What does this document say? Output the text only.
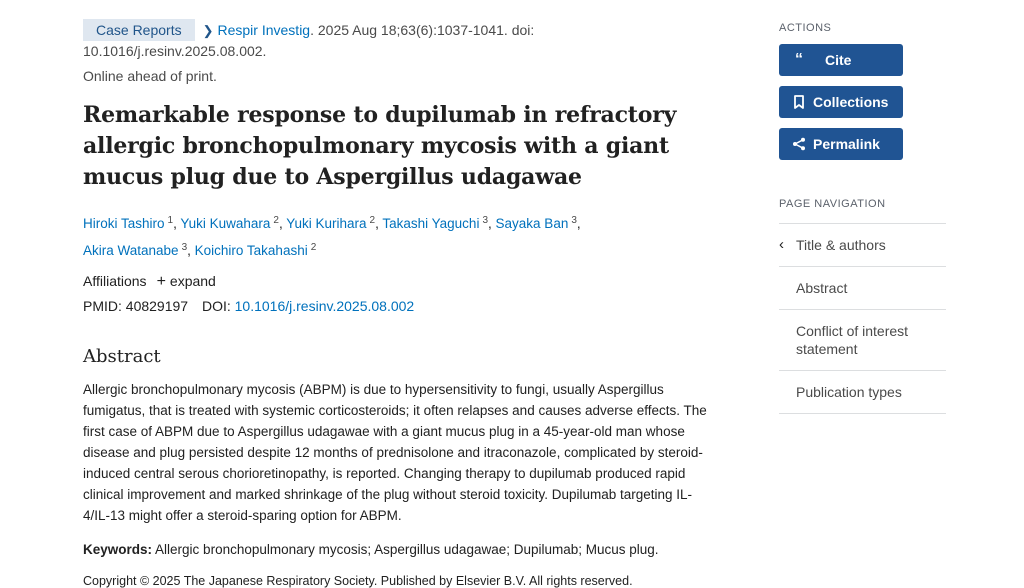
Case Reports ❯ Respir Investig. 2025 Aug 18;63(6):1037-1041. doi: 10.1016/j.resinv.2025.08.002.
Online ahead of print.
Remarkable response to dupilumab in refractory allergic bronchopulmonary mycosis with a giant mucus plug due to Aspergillus udagawae
Hiroki Tashiro $^1$, Yuki Kuwahara $^2$, Yuki Kurihara $^2$, Takashi Yaguchi $^3$, Sayaka Ban $^3$,
Akira Watanabe $^3$, Koichiro Takahashi $^2$
Affiliations + expand
PMID: 40829197 DOI: 10.1016/j.resinv.2025.08.002
Abstract
Allergic bronchopulmonary mycosis (ABPM) is due to hypersensitivity to fungi, usually Aspergillus fumigatus, that is treated with systemic corticosteroids; it often relapses and causes adverse effects. The first case of ABPM due to Aspergillus udagawae with a giant mucus plug in a 45-year-old man whose disease and plug persisted despite 12 months of prednisolone and itraconazole, complicated by steroid-induced central serous chorioretinopathy, is reported. Changing therapy to dupilumab produced rapid clinical improvement and marked shrinkage of the plug without steroid toxicity. Dupilumab targeting IL-4/IL-13 might offer a steroid-sparing option for ABPM.
Keywords: Allergic bronchopulmonary mycosis; Aspergillus udagawae; Dupilumab; Mucus plug.
Copyright © 2025 The Japanese Respiratory Society. Published by Elsevier B.V. All rights reserved.
ACTIONS
“ Cite
Collections
Permalink
PAGE NAVIGATION
‹ Title & authors
Abstract
Conflict of interest statement
Publication types
